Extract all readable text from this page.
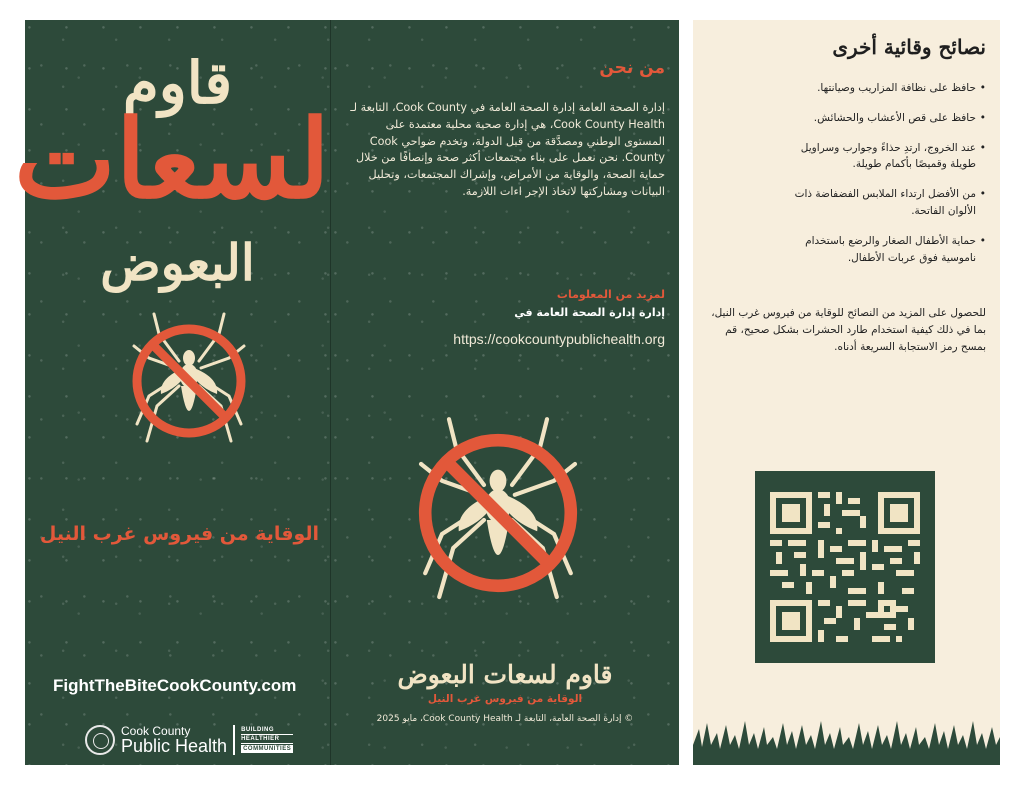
قاوم
لسعات
البعوض
الوقاية من فيروس غرب النيل
FightTheBiteCookCounty.com
Cook County
Public Health
BUILDING
HEALTHIER
COMMUNITIES
من نحن
إدارة الصحة العامة إدارة الصحة العامة في Cook County، التابعة لـ Cook County Health، هي إدارة صحية محلية معتمدة على المستوى الوطني ومصدَّقة من قبل الدولة، وتخدم ضواحي Cook County. نحن نعمل على بناء مجتمعات أكثر صحة وإنصافًا من خلال حماية الصحة، والوقاية من الأمراض، وإشراك المجتمعات، وتحليل البيانات ومشاركتها لاتخاذ الإجر اءات اللازمة.
لمزيد من المعلومات
إدارة إدارة الصحة العامة في
https://cookcountypublichealth.org
قاوم لسعات البعوض
الوقاية من فيروس غرب النيل
© إدارة الصحة العامة، التابعة لـ Cook County Health، مايو 2025
نصائح وقائية أخرى
• حافظ على نظافة المزاريب وصيانتها.
• حافظ على قص الأعشاب والحشائش.
• عند الخروج، ارتدِ حذاءً وجوارب وسراويل طويلة وقميصًا بأكمام طويلة.
• من الأفضل ارتداء الملابس الفضفاضة ذات الألوان الفاتحة.
• حماية الأطفال الصغار والرضع باستخدام ناموسية فوق عربات الأطفال.
للحصول على المزيد من النصائح للوقاية من فيروس غرب النيل، بما في ذلك كيفية استخدام طارد الحشرات بشكل صحيح، قم بمسح رمز الاستجابة السريعة أدناه.
